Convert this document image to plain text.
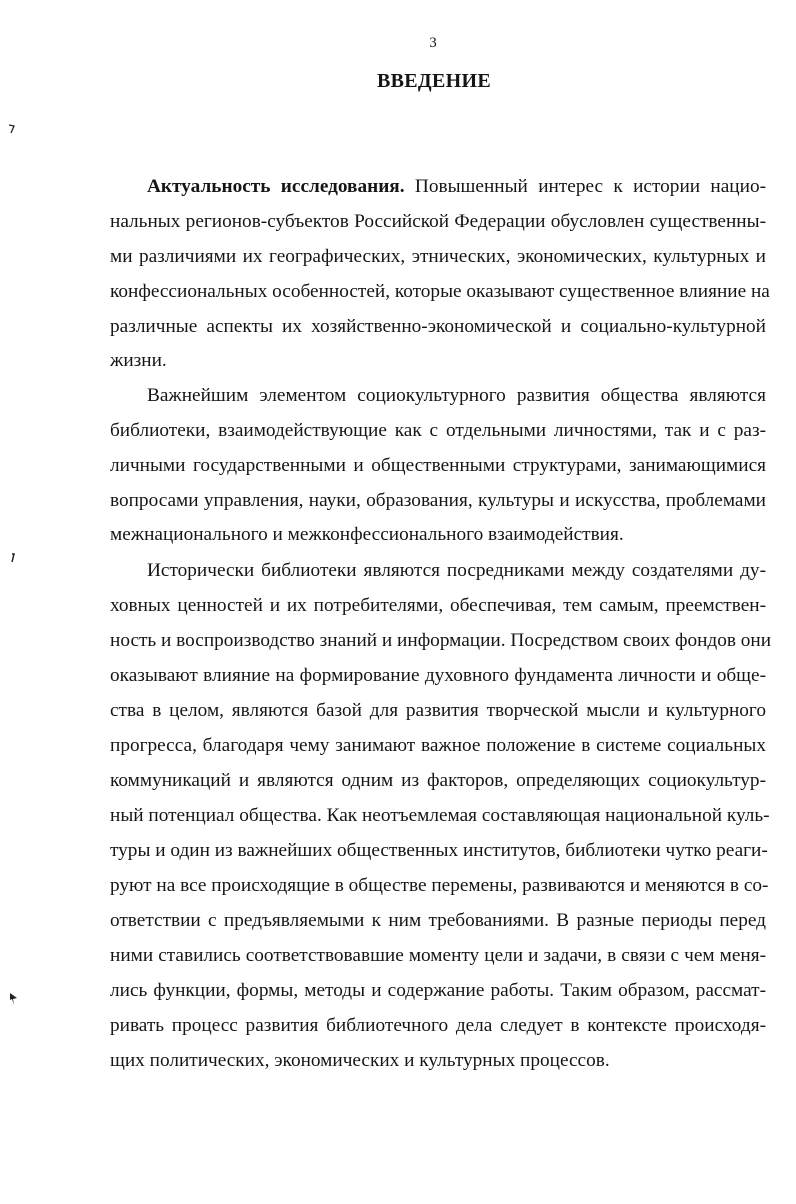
3
ВВЕДЕНИЕ
Актуальность исследования. Повышенный интерес к истории нацио-
нальных регионов-субъектов Российской Федерации обусловлен существенны-
ми различиями их географических, этнических, экономических, культурных и
конфессиональных особенностей, которые оказывают существенное влияние на
различные аспекты их хозяйственно-экономической и социально-культурной
жизни.
Важнейшим элементом социокультурного развития общества являются
библиотеки, взаимодействующие как с отдельными личностями, так и с раз-
личными государственными и общественными структурами, занимающимися
вопросами управления, науки, образования, культуры и искусства, проблемами
межнационального и межконфессионального взаимодействия.
Исторически библиотеки являются посредниками между создателями ду-
ховных ценностей и их потребителями, обеспечивая, тем самым, преемствен-
ность и воспроизводство знаний и информации. Посредством своих фондов они
оказывают влияние на формирование духовного фундамента личности и обще-
ства в целом, являются базой для развития творческой мысли и культурного
прогресса, благодаря чему занимают важное положение в системе социальных
коммуникаций и являются одним из факторов, определяющих социокультур-
ный потенциал общества. Как неотъемлемая составляющая национальной куль-
туры и один из важнейших общественных институтов, библиотеки чутко реаги-
руют на все происходящие в обществе перемены, развиваются и меняются в со-
ответствии с предъявляемыми к ним требованиями. В разные периоды перед
ними ставились соответствовавшие моменту цели и задачи, в связи с чем меня-
лись функции, формы, методы и содержание работы. Таким образом, рассмат-
ривать процесс развития библиотечного дела следует в контексте происходя-
щих политических, экономических и культурных процессов.
